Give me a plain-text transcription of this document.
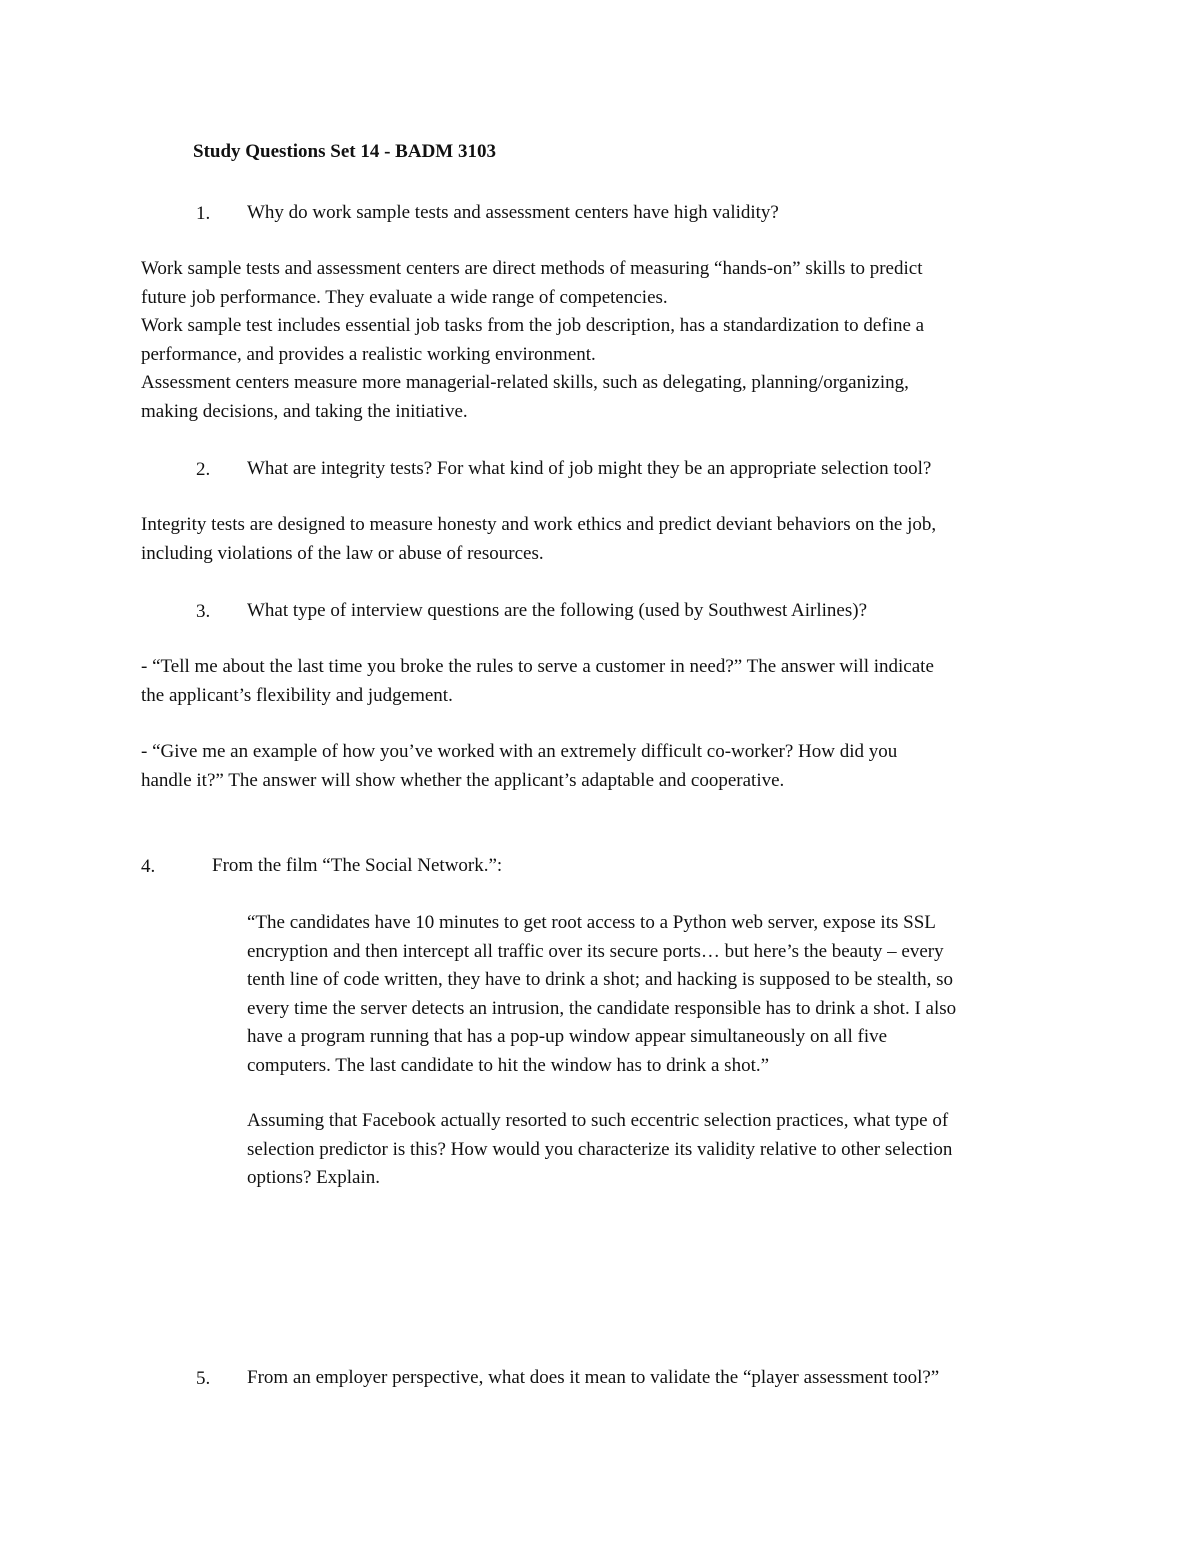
Study Questions Set 14 - BADM 3103
1. Why do work sample tests and assessment centers have high validity?
Work sample tests and assessment centers are direct methods of measuring “hands-on” skills to predict
future job performance. They evaluate a wide range of competencies.
Work sample test includes essential job tasks from the job description, has a standardization to define a
performance, and provides a realistic working environment.
Assessment centers measure more managerial-related skills, such as delegating, planning/organizing,
making decisions, and taking the initiative.
2. What are integrity tests? For what kind of job might they be an appropriate selection tool?
Integrity tests are designed to measure honesty and work ethics and predict deviant behaviors on the job,
including violations of the law or abuse of resources.
3. What type of interview questions are the following (used by Southwest Airlines)?
- “Tell me about the last time you broke the rules to serve a customer in need?” The answer will indicate
the applicant’s flexibility and judgement.
- “Give me an example of how you’ve worked with an extremely difficult co-worker? How did you
handle it?” The answer will show whether the applicant’s adaptable and cooperative.
4.	From the film “The Social Network.”:
“The candidates have 10 minutes to get root access to a Python web server, expose its SSL
encryption and then intercept all traffic over its secure ports… but here’s the beauty – every
tenth line of code written, they have to drink a shot; and hacking is supposed to be stealth, so
every time the server detects an intrusion, the candidate responsible has to drink a shot. I also
have a program running that has a pop-up window appear simultaneously on all five
computers. The last candidate to hit the window has to drink a shot.”
Assuming that Facebook actually resorted to such eccentric selection practices, what type of
selection predictor is this? How would you characterize its validity relative to other selection
options? Explain.
5. From an employer perspective, what does it mean to validate the “player assessment tool?”
